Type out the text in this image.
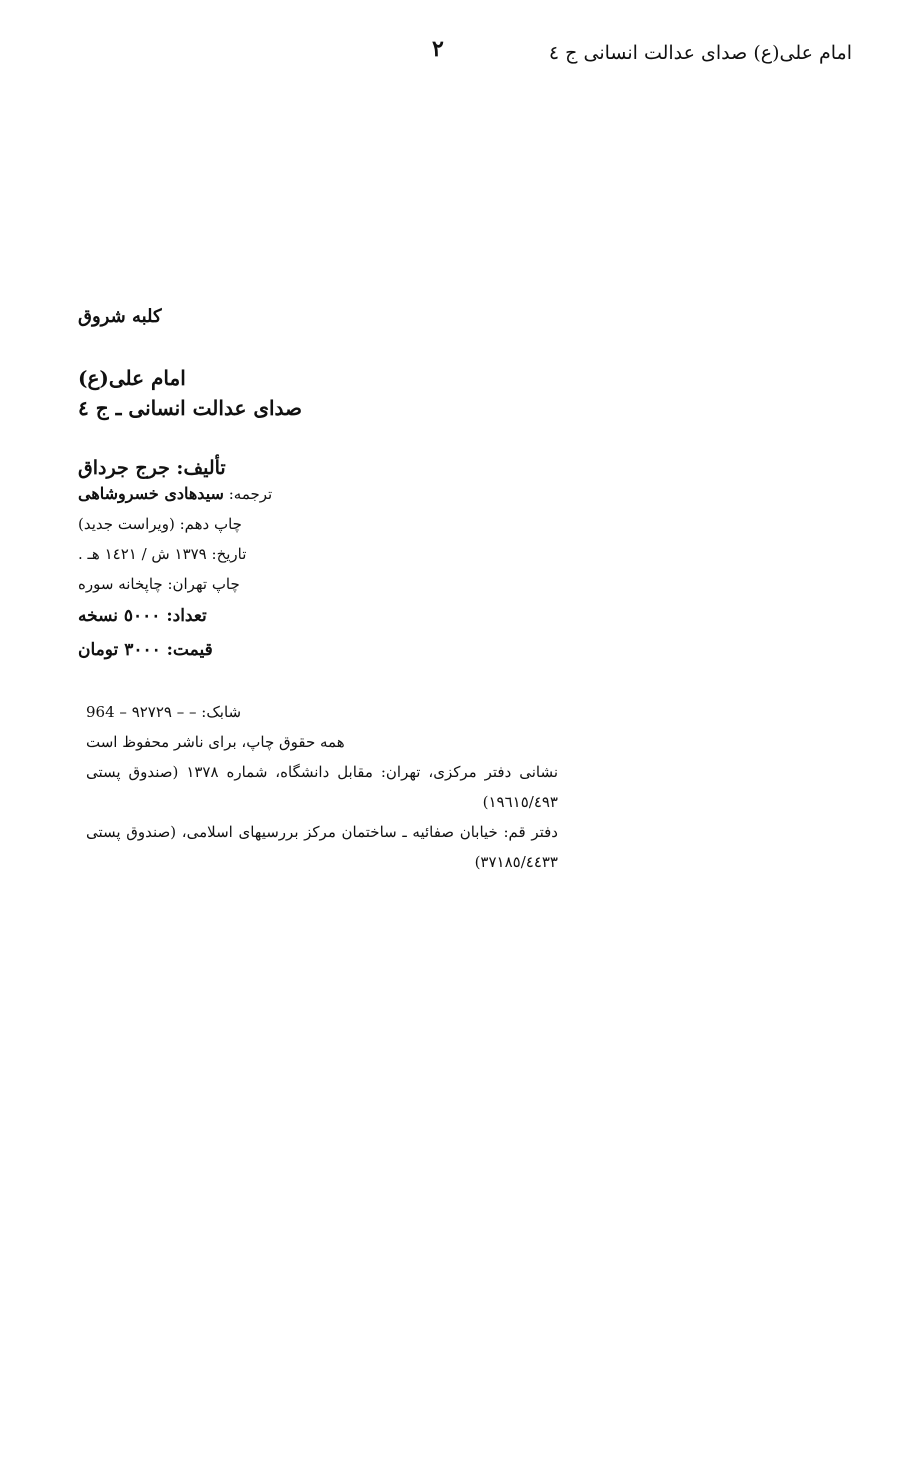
امام علی(ع) صدای عدالت انسانی ج ٤
٢
کلبه شروق
امام علی(ع)
صدای عدالت انسانی ـ ج ٤
تألیف: جرج جرداق
ترجمه: سیدهادی خسروشاهی
چاپ دهم: (ویراست جدید)
تاریخ: ١٣٧٩ ش / ١٤٢١ هـ .
چاپ تهران: چاپخانه سوره
تعداد: ٥٠٠٠ نسخه
قیمت: ٣٠٠٠ تومان
شابک: – – ٩٢٧٢٩ – 964
همه حقوق چاپ، برای ناشر محفوظ است
نشانی دفتر مرکزی، تهران: مقابل دانشگاه، شماره ١٣٧٨ (صندوق پستی ١٩٦١٥/٤٩٣)
دفتر قم: خیابان صفائیه ـ ساختمان مرکز بررسیهای اسلامی، (صندوق پستی ٣٧١٨٥/٤٤٣٣)
